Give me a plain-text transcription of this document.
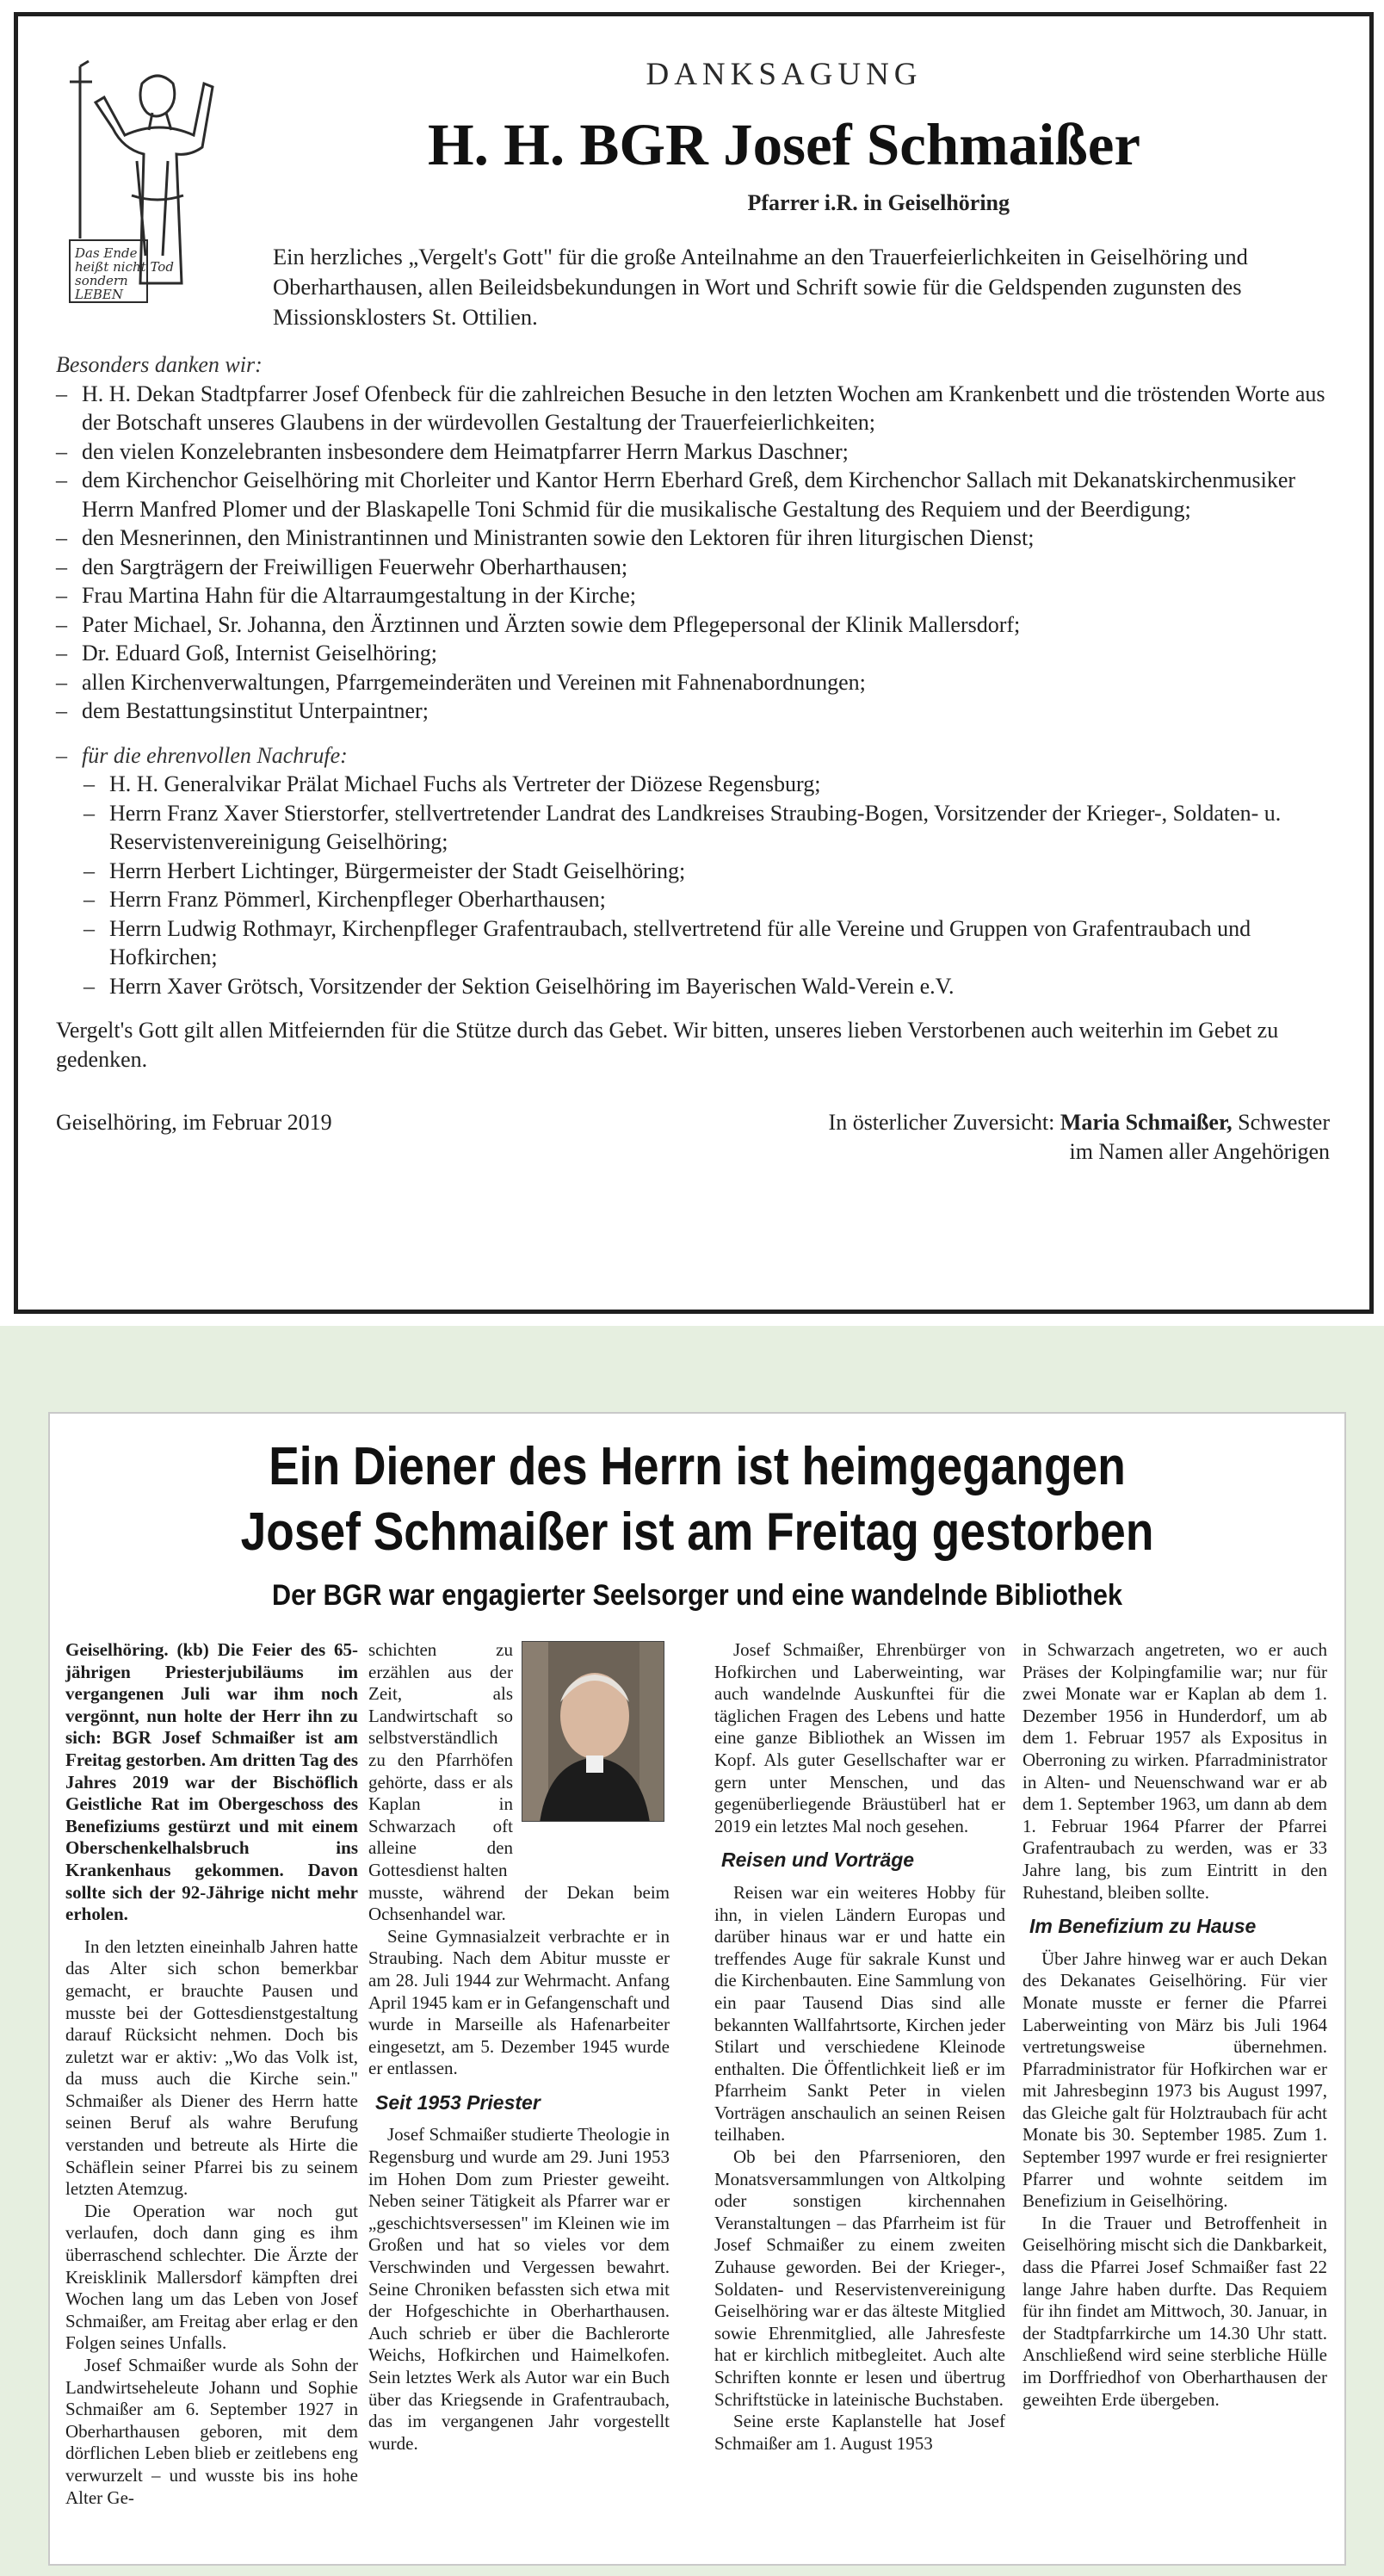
Das Ende
heißt nicht Tod
sondern
LEBEN
DANKSAGUNG
H. H. BGR Josef Schmaißer
Pfarrer i.R. in Geiselhöring
Ein herzliches „Vergelt's Gott" für die große Anteilnahme an den Trauerfeierlichkeiten in Geiselhöring und Oberharthausen, allen Beileidsbekundungen in Wort und Schrift sowie für die Geldspenden zugunsten des Missionsklosters St. Ottilien.
Besonders danken wir:
– H. H. Dekan Stadtpfarrer Josef Ofenbeck für die zahlreichen Besuche in den letzten Wochen am Krankenbett und die tröstenden Worte aus der Botschaft unseres Glaubens in der würdevollen Gestaltung der Trauerfeierlichkeiten;
– den vielen Konzelebranten insbesondere dem Heimatpfarrer Herrn Markus Daschner;
– dem Kirchenchor Geiselhöring mit Chorleiter und Kantor Herrn Eberhard Greß, dem Kirchenchor Sallach mit Dekanatskirchenmusiker Herrn Manfred Plomer und der Blaskapelle Toni Schmid für die musikalische Gestaltung des Requiem und der Beerdigung;
– den Mesnerinnen, den Ministrantinnen und Ministranten sowie den Lektoren für ihren liturgischen Dienst;
– den Sargträgern der Freiwilligen Feuerwehr Oberharthausen;
– Frau Martina Hahn für die Altarraumgestaltung in der Kirche;
– Pater Michael, Sr. Johanna, den Ärztinnen und Ärzten sowie dem Pflegepersonal der Klinik Mallersdorf;
– Dr. Eduard Goß, Internist Geiselhöring;
– allen Kirchenverwaltungen, Pfarrgemeinderäten und Vereinen mit Fahnenabordnungen;
– dem Bestattungsinstitut Unterpaintner;
– für die ehrenvollen Nachrufe:
– H. H. Generalvikar Prälat Michael Fuchs als Vertreter der Diözese Regensburg;
– Herrn Franz Xaver Stierstorfer, stellvertretender Landrat des Landkreises Straubing-Bogen, Vorsitzender der Krieger-, Soldaten- u. Reservistenvereinigung Geiselhöring;
– Herrn Herbert Lichtinger, Bürgermeister der Stadt Geiselhöring;
– Herrn Franz Pömmerl, Kirchenpfleger Oberharthausen;
– Herrn Ludwig Rothmayr, Kirchenpfleger Grafentraubach, stellvertretend für alle Vereine und Gruppen von Grafentraubach und Hofkirchen;
– Herrn Xaver Grötsch, Vorsitzender der Sektion Geiselhöring im Bayerischen Wald-Verein e.V.
Vergelt's Gott gilt allen Mitfeiernden für die Stütze durch das Gebet. Wir bitten, unseres lieben Verstorbenen auch weiterhin im Gebet zu gedenken.
Geiselhöring, im Februar 2019	In österlicher Zuversicht: Maria Schmaißer, Schwester
im Namen aller Angehörigen
Ein Diener des Herrn ist heimgegangen
Josef Schmaißer ist am Freitag gestorben
Der BGR war engagierter Seelsorger und eine wandelnde Bibliothek

Geiselhöring. (kb) Die Feier des 65-jährigen Priesterjubiläums im vergangenen Juli war ihm noch vergönnt, nun holte der Herr ihn zu sich: BGR Josef Schmaißer ist am Freitag gestorben. Am dritten Tag des Jahres 2019 war der Bischöflich Geistliche Rat im Obergeschoss des Benefiziums gestürzt und mit einem Oberschenkelhalsbruch ins Krankenhaus gekommen. Davon sollte sich der 92-Jährige nicht mehr erholen.

In den letzten eineinhalb Jahren hatte das Alter sich schon bemerkbar gemacht, er brauchte Pausen und musste bei der Gottesdienstgestaltung darauf Rücksicht nehmen. Doch bis zuletzt war er aktiv: „Wo das Volk ist, da muss auch die Kirche sein." Schmaißer als Diener des Herrn hatte seinen Beruf als wahre Berufung verstanden und betreute als Hirte die Schäflein seiner Pfarrei bis zu seinem letzten Atemzug.

Die Operation war noch gut verlaufen, doch dann ging es ihm überraschend schlechter. Die Ärzte der Kreisklinik Mallersdorf kämpften drei Wochen lang um das Leben von Josef Schmaißer, am Freitag aber erlag er den Folgen seines Unfalls.

Josef Schmaißer wurde als Sohn der Landwirtseheleute Johann und Sophie Schmaißer am 6. September 1927 in Oberharthausen geboren, mit dem dörflichen Leben blieb er zeitlebens eng verwurzelt – und wusste bis ins hohe Alter Ge-

schichten zu erzählen aus der Zeit, als Landwirtschaft so selbstverständlich zu den Pfarrhöfen gehörte, dass er als Kaplan in Schwarzach oft alleine den Gottesdienst halten

musste, während der Dekan beim Ochsenhandel war.

Seine Gymnasialzeit verbrachte er in Straubing. Nach dem Abitur musste er am 28. Juli 1944 zur Wehrmacht. Anfang April 1945 kam er in Gefangenschaft und wurde in Marseille als Hafenarbeiter eingesetzt, am 5. Dezember 1945 wurde er entlassen.

Seit 1953 Priester

Josef Schmaißer studierte Theologie in Regensburg und wurde am 29. Juni 1953 im Hohen Dom zum Priester geweiht. Neben seiner Tätigkeit als Pfarrer war er „geschichtsversessen" im Kleinen wie im Großen und hat so vieles vor dem Verschwinden und Vergessen bewahrt. Seine Chroniken befassten sich etwa mit der Hofgeschichte in Oberharthausen. Auch schrieb er über die Bachlerorte Weichs, Hofkirchen und Haimelkofen. Sein letztes Werk als Autor war ein Buch über das Kriegsende in Grafentraubach, das im vergangenen Jahr vorgestellt wurde.

Josef Schmaißer, Ehrenbürger von Hofkirchen und Laberweinting, war auch wandelnde Auskunftei für die täglichen Fragen des Lebens und hatte eine ganze Bibliothek an Wissen im Kopf. Als guter Gesellschafter war er gern unter Menschen, und das gegenüberliegende Bräustüberl hat er 2019 ein letztes Mal noch gesehen.

Reisen und Vorträge

Reisen war ein weiteres Hobby für ihn, in vielen Ländern Europas und darüber hinaus war er und hatte ein treffendes Auge für sakrale Kunst und die Kirchenbauten. Eine Sammlung von ein paar Tausend Dias sind alle bekannten Wallfahrtsorte, Kirchen jeder Stilart und verschiedene Kleinode enthalten. Die Öffentlichkeit ließ er im Pfarrheim Sankt Peter in vielen Vorträgen anschaulich an seinen Reisen teilhaben.

Ob bei den Pfarrsenioren, den Monatsversammlungen von Altkolping oder sonstigen kirchennahen Veranstaltungen – das Pfarrheim ist für Josef Schmaißer zu einem zweiten Zuhause geworden. Bei der Krieger-, Soldaten- und Reservistenvereinigung Geiselhöring war er das älteste Mitglied sowie Ehrenmitglied, alle Jahresfeste hat er kirchlich mitbegleitet. Auch alte Schriften konnte er lesen und übertrug Schriftstücke in lateinische Buchstaben.

Seine erste Kaplanstelle hat Josef Schmaißer am 1. August 1953

in Schwarzach angetreten, wo er auch Präses der Kolpingfamilie war; nur für zwei Monate war er Kaplan ab dem 1. Dezember 1956 in Hunderdorf, um ab dem 1. Februar 1957 als Expositus in Oberroning zu wirken. Pfarradministrator in Alten- und Neuenschwand war er ab dem 1. September 1963, um dann ab dem 1. Februar 1964 Pfarrer der Pfarrei Grafentraubach zu werden, was er 33 Jahre lang, bis zum Eintritt in den Ruhestand, bleiben sollte.

Im Benefizium zu Hause

Über Jahre hinweg war er auch Dekan des Dekanates Geiselhöring. Für vier Monate musste er ferner die Pfarrei Laberweinting von März bis Juli 1964 vertretungsweise übernehmen. Pfarradministrator für Hofkirchen war er mit Jahresbeginn 1973 bis August 1997, das Gleiche galt für Holztraubach für acht Monate bis 30. September 1985. Zum 1. September 1997 wurde er frei resignierter Pfarrer und wohnte seitdem im Benefizium in Geiselhöring.

In die Trauer und Betroffenheit in Geiselhöring mischt sich die Dankbarkeit, dass die Pfarrei Josef Schmaißer fast 22 lange Jahre haben durfte. Das Requiem für ihn findet am Mittwoch, 30. Januar, in der Stadtpfarrkirche um 14.30 Uhr statt. Anschließend wird seine sterbliche Hülle im Dorffriedhof von Oberharthausen der geweihten Erde übergeben.
